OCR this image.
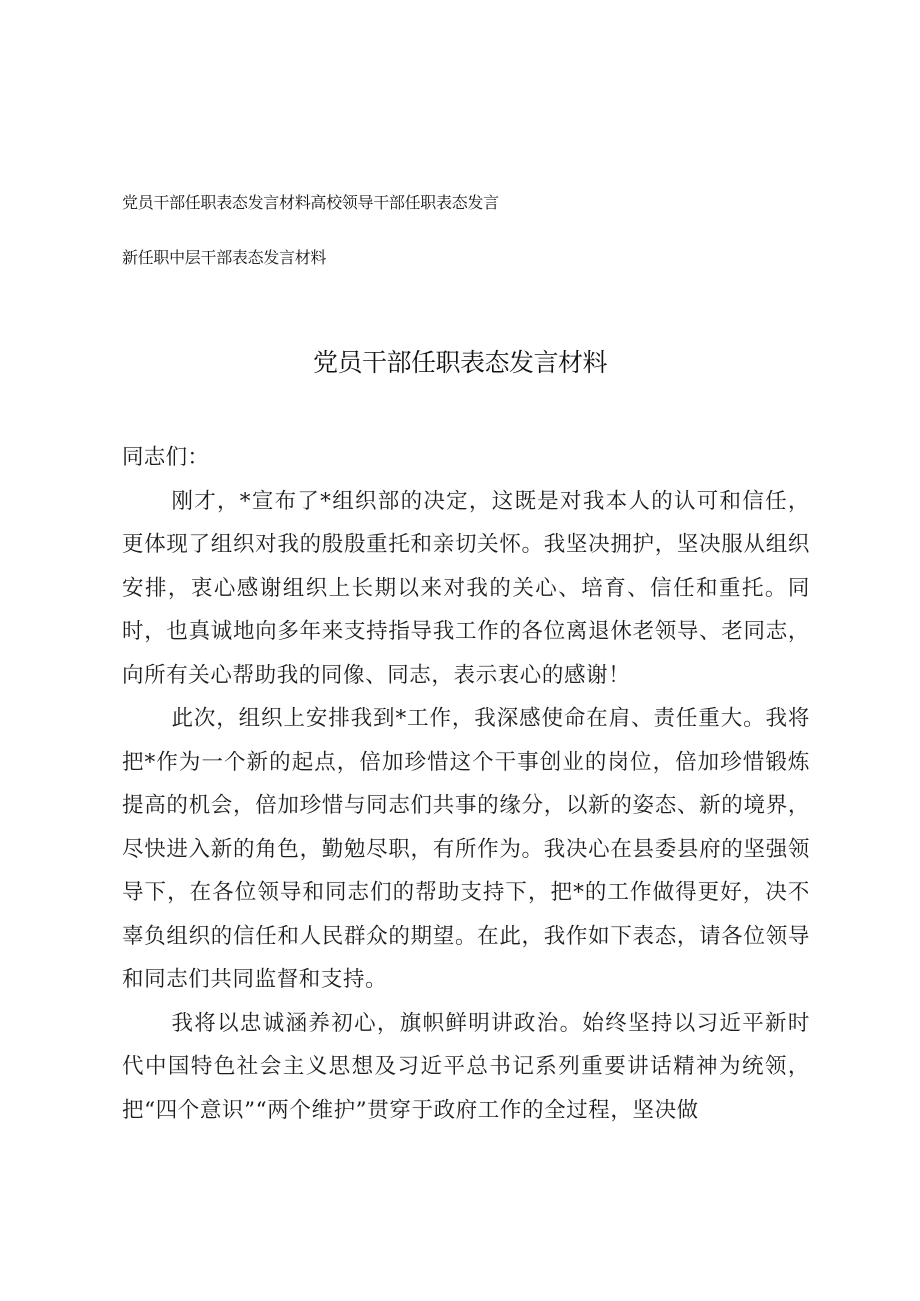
党员干部任职表态发言材料高校领导干部任职表态发言
新任职中层干部表态发言材料
党员干部任职表态发言材料

同志们：

刚才，*宣布了*组织部的决定，这既是对我本人的认可和信任，更体现了组织对我的殷殷重托和亲切关怀。我坚决拥护，坚决服从组织安排，衷心感谢组织上长期以来对我的关心、培育、信任和重托。同时，也真诚地向多年来支持指导我工作的各位离退休老领导、老同志，向所有关心帮助我的同像、同志，表示衷心的感谢！

此次，组织上安排我到*工作，我深感使命在肩、责任重大。我将把*作为一个新的起点，倍加珍惜这个干事创业的岗位，倍加珍惜锻炼提高的机会，倍加珍惜与同志们共事的缘分，以新的姿态、新的境界，尽快进入新的角色，勤勉尽职，有所作为。我决心在县委县府的坚强领导下，在各位领导和同志们的帮助支持下，把*的工作做得更好，决不辜负组织的信任和人民群众的期望。在此，我作如下表态，请各位领导和同志们共同监督和支持。

我将以忠诚涵养初心，旗帜鲜明讲政治。始终坚持以习近平新时代中国特色社会主义思想及习近平总书记系列重要讲话精神为统领，把“四个意识”“两个维护”贯穿于政府工作的全过程，坚决做
